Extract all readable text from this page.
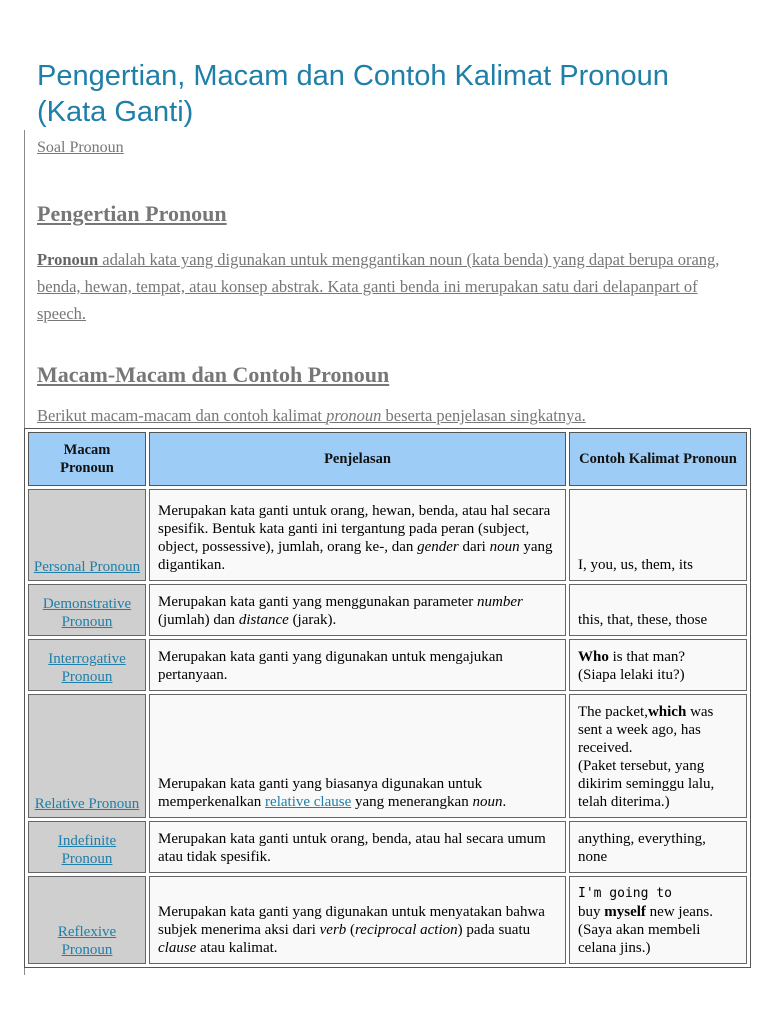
Pengertian, Macam dan Contoh Kalimat Pronoun (Kata Ganti)
Soal Pronoun
Pengertian Pronoun

Pronoun adalah kata yang digunakan untuk menggantikan noun (kata benda) yang dapat berupa orang, benda, hewan, tempat, atau konsep abstrak. Kata ganti benda ini merupakan satu dari delapanpart of speech.

Macam-Macam dan Contoh Pronoun

Berikut macam-macam dan contoh kalimat pronoun beserta penjelasan singkatnya.

Macam Pronoun	Penjelasan	Contoh Kalimat Pronoun
Personal Pronoun	Merupakan kata ganti untuk orang, hewan, benda, atau hal secara spesifik. Bentuk kata ganti ini tergantung pada peran (subject, object, possessive), jumlah, orang ke-, dan gender dari noun yang digantikan.	I, you, us, them, its
Demonstrative Pronoun	Merupakan kata ganti yang menggunakan parameter number (jumlah) dan distance (jarak).	this, that, these, those
Interrogative Pronoun	Merupakan kata ganti yang digunakan untuk mengajukan pertanyaan.	Who is that man?
(Siapa lelaki itu?)

Relative Pronoun	Merupakan kata ganti yang biasanya digunakan untuk memperkenalkan relative clause yang menerangkan noun.	The packet,which was sent a week ago, has received.
(Paket tersebut, yang dikirim seminggu lalu, telah diterima.)

Indefinite Pronoun	Merupakan kata ganti untuk orang, benda, atau hal secara umum atau tidak spesifik.	anything, everything, none
Reflexive Pronoun	Merupakan kata ganti yang digunakan untuk menyatakan bahwa subjek menerima aksi dari verb (reciprocal action) pada suatu clause atau kalimat.	I'm going to
buy myself new jeans.
(Saya akan membeli celana jins.)
